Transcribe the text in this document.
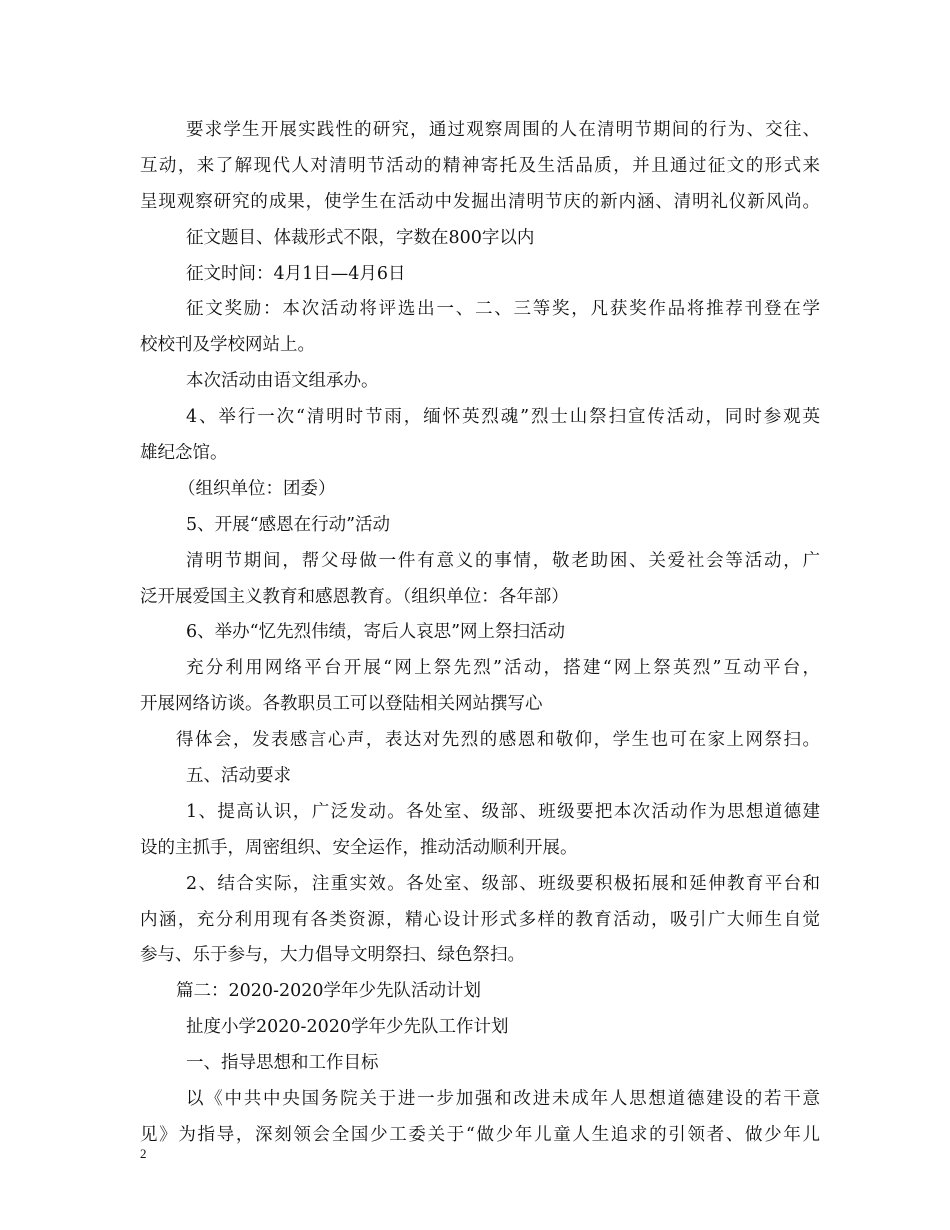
要求学生开展实践性的研究，通过观察周围的人在清明节期间的行为、交往、
互动，来了解现代人对清明节活动的精神寄托及生活品质，并且通过征文的形式来
呈现观察研究的成果，使学生在活动中发掘出清明节庆的新内涵、清明礼仪新风尚。
征文题目、体裁形式不限，字数在800字以内
征文时间：4月1日—4月6日
征文奖励：本次活动将评选出一、二、三等奖，凡获奖作品将推荐刊登在学
校校刊及学校网站上。
本次活动由语文组承办。
4、举行一次“清明时节雨，缅怀英烈魂”烈士山祭扫宣传活动，同时参观英
雄纪念馆。
（组织单位：团委）
5、开展“感恩在行动”活动
清明节期间，帮父母做一件有意义的事情，敬老助困、关爱社会等活动，广
泛开展爱国主义教育和感恩教育。（组织单位：各年部）
6、举办“忆先烈伟绩，寄后人哀思”网上祭扫活动
充分利用网络平台开展“网上祭先烈”活动，搭建“网上祭英烈”互动平台，
开展网络访谈。各教职员工可以登陆相关网站撰写心
得体会，发表感言心声，表达对先烈的感恩和敬仰，学生也可在家上网祭扫。
五、活动要求
1、提高认识，广泛发动。各处室、级部、班级要把本次活动作为思想道德建
设的主抓手，周密组织、安全运作，推动活动顺利开展。
2、结合实际，注重实效。各处室、级部、班级要积极拓展和延伸教育平台和
内涵，充分利用现有各类资源，精心设计形式多样的教育活动，吸引广大师生自觉
参与、乐于参与，大力倡导文明祭扫、绿色祭扫。
篇二：2020-2020学年少先队活动计划
扯度小学2020-2020学年少先队工作计划
一、指导思想和工作目标
以《中共中央国务院关于进一步加强和改进未成年人思想道德建设的若干意
见》为指导，深刻领会全国少工委关于“做少年儿童人生追求的引领者、做少年儿
2
